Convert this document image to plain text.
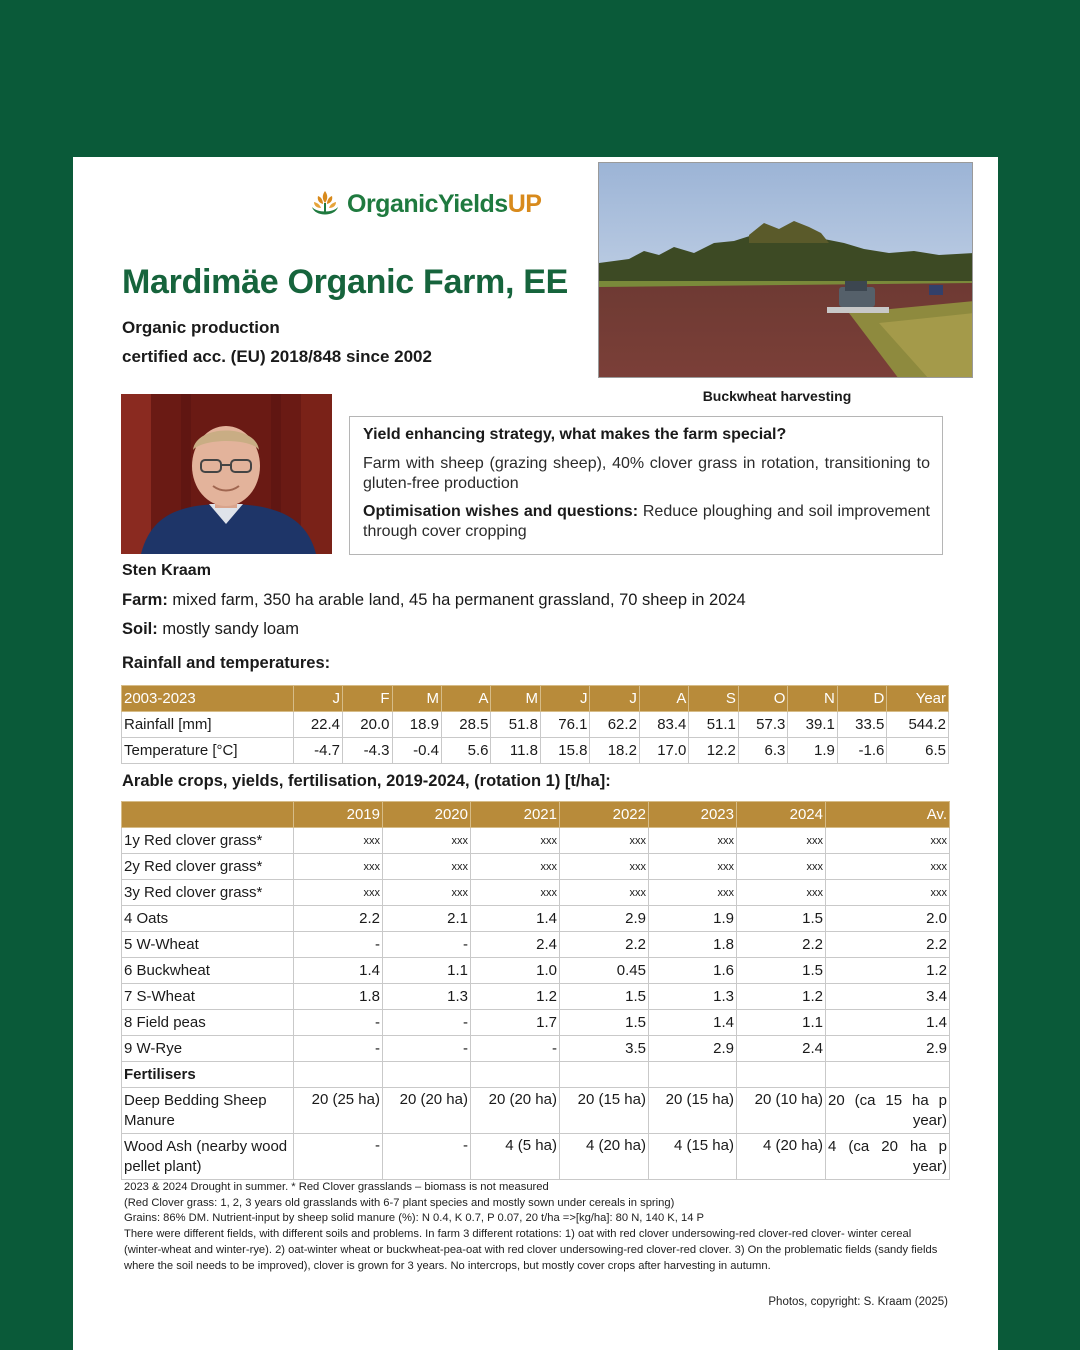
OrganicYieldsUP
Buckwheat harvesting
Mardimäe Organic Farm, EE
Organic production
certified acc. (EU) 2018/848 since 2002
Sten Kraam
Yield enhancing strategy, what makes the farm special?
Farm with sheep (grazing sheep), 40% clover grass in rotation, transitioning to gluten-free production
Optimisation wishes and questions: Reduce ploughing and soil improvement through cover cropping
Farm: mixed farm, 350 ha arable land, 45 ha permanent grassland, 70 sheep in 2024
Soil: mostly sandy loam
Rainfall and temperatures:
2003-2023	J	F	M	A	M	J	J	A	S	O	N	D	Year
Rainfall [mm]	22.4	20.0	18.9	28.5	51.8	76.1	62.2	83.4	51.1	57.3	39.1	33.5	544.2
Temperature [°C]	-4.7	-4.3	-0.4	5.6	11.8	15.8	18.2	17.0	12.2	6.3	1.9	-1.6	6.5
Arable crops, yields, fertilisation, 2019-2024, (rotation 1) [t/ha]:
	2019	2020	2021	2022	2023	2024	Av.
1y Red clover grass*	xxx	xxx	xxx	xxx	xxx	xxx	xxx
2y Red clover grass*	xxx	xxx	xxx	xxx	xxx	xxx	xxx
3y Red clover grass*	xxx	xxx	xxx	xxx	xxx	xxx	xxx
4 Oats	2.2	2.1	1.4	2.9	1.9	1.5	2.0
5 W-Wheat	-	-	2.4	2.2	1.8	2.2	2.2
6 Buckwheat	1.4	1.1	1.0	0.45	1.6	1.5	1.2
7 S-Wheat	1.8	1.3	1.2	1.5	1.3	1.2	3.4
8 Field peas	-	-	1.7	1.5	1.4	1.1	1.4
9 W-Rye	-	-	-	3.5	2.9	2.4	2.9
Fertilisers							
Deep Bedding Sheep Manure	20 (25 ha)	20 (20 ha)	20 (20 ha)	20 (15 ha)	20 (15 ha)	20 (10 ha)	20 (ca 15 ha p year)
Wood Ash (nearby wood pellet plant)	-	-	4 (5 ha)	4 (20 ha)	4 (15 ha)	4 (20 ha)	4 (ca 20 ha p year)
2023 & 2024 Drought in summer. * Red Clover grasslands – biomass is not measured
(Red Clover grass: 1, 2, 3 years old grasslands with 6-7 plant species and mostly sown under cereals in spring)
Grains: 86% DM. Nutrient-input by sheep solid manure (%): N 0.4, K 0.7, P 0.07, 20 t/ha =>[kg/ha]: 80 N, 140 K, 14 P
There were different fields, with different soils and problems. In farm 3 different rotations: 1) oat with red clover undersowing-red clover-red clover- winter cereal (winter-wheat and winter-rye). 2) oat-winter wheat or buckwheat-pea-oat with red clover undersowing-red clover-red clover. 3) On the problematic fields (sandy fields where the soil needs to be improved), clover is grown for 3 years. No intercrops, but mostly cover crops after harvesting in autumn.
Photos, copyright: S. Kraam (2025)
